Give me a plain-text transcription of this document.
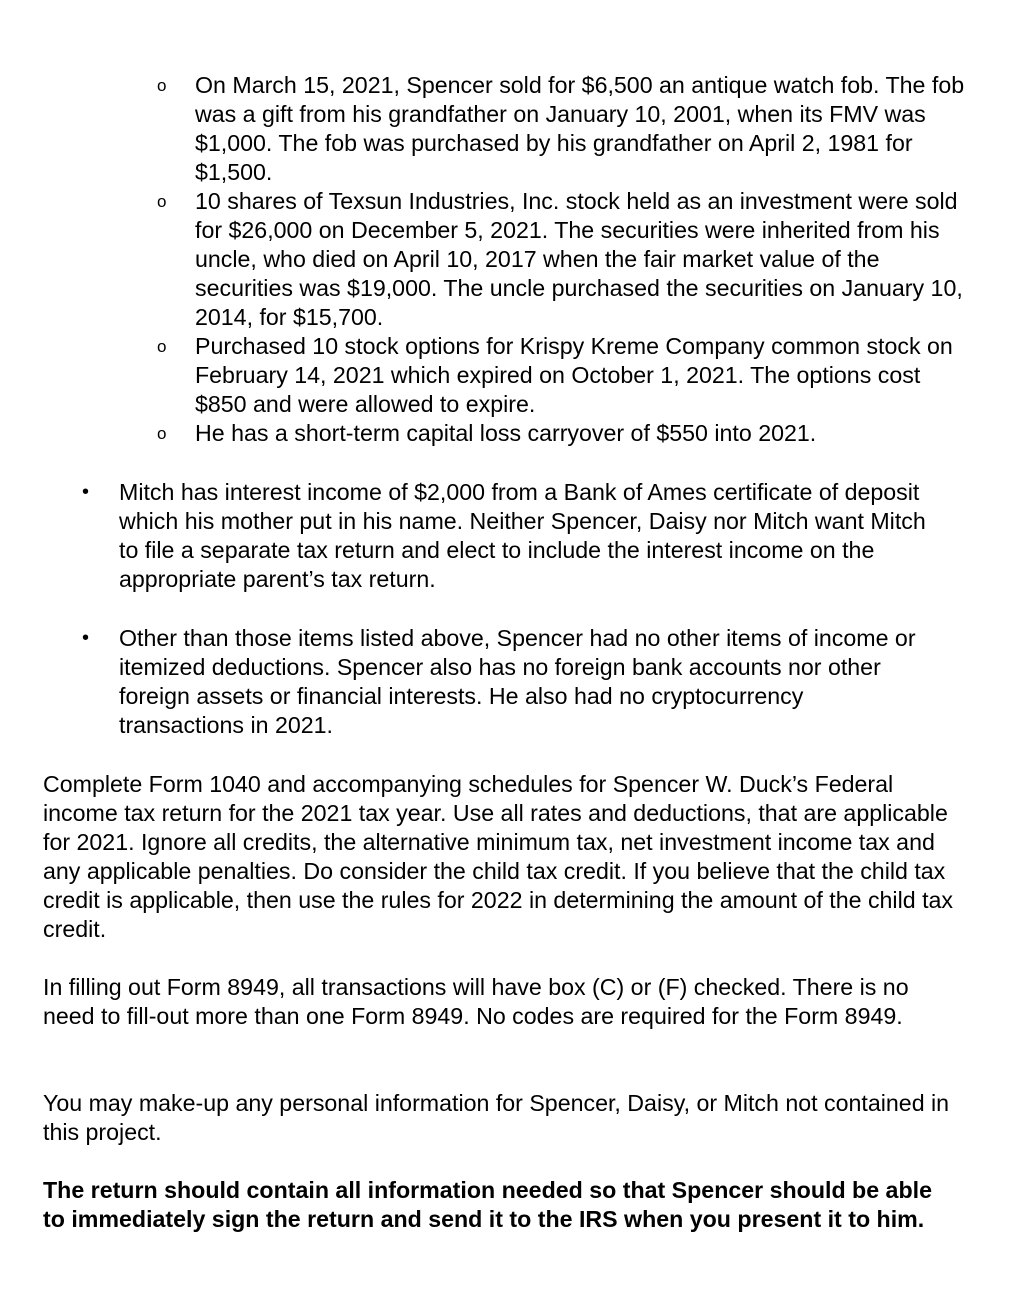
o On March 15, 2021, Spencer sold for $6,500 an antique watch fob. The fob was a gift from his grandfather on January 10, 2001, when its FMV was $1,000. The fob was purchased by his grandfather on April 2, 1981 for $1,500.
o 10 shares of Texsun Industries, Inc. stock held as an investment were sold for $26,000 on December 5, 2021. The securities were inherited from his uncle, who died on April 10, 2017 when the fair market value of the securities was $19,000. The uncle purchased the securities on January 10, 2014, for $15,700.
o Purchased 10 stock options for Krispy Kreme Company common stock on February 14, 2021 which expired on October 1, 2021. The options cost $850 and were allowed to expire.
o He has a short-term capital loss carryover of $550 into 2021.
• Mitch has interest income of $2,000 from a Bank of Ames certificate of deposit which his mother put in his name. Neither Spencer, Daisy nor Mitch want Mitch to file a separate tax return and elect to include the interest income on the appropriate parent’s tax return.
• Other than those items listed above, Spencer had no other items of income or itemized deductions. Spencer also has no foreign bank accounts nor other foreign assets or financial interests. He also had no cryptocurrency transactions in 2021.

Complete Form 1040 and accompanying schedules for Spencer W. Duck’s Federal income tax return for the 2021 tax year. Use all rates and deductions, that are applicable for 2021. Ignore all credits, the alternative minimum tax, net investment income tax and any applicable penalties. Do consider the child tax credit. If you believe that the child tax credit is applicable, then use the rules for 2022 in determining the amount of the child tax credit.

In filling out Form 8949, all transactions will have box (C) or (F) checked. There is no need to fill-out more than one Form 8949. No codes are required for the Form 8949.

You may make-up any personal information for Spencer, Daisy, or Mitch not contained in this project.

The return should contain all information needed so that Spencer should be able to immediately sign the return and send it to the IRS when you present it to him.
